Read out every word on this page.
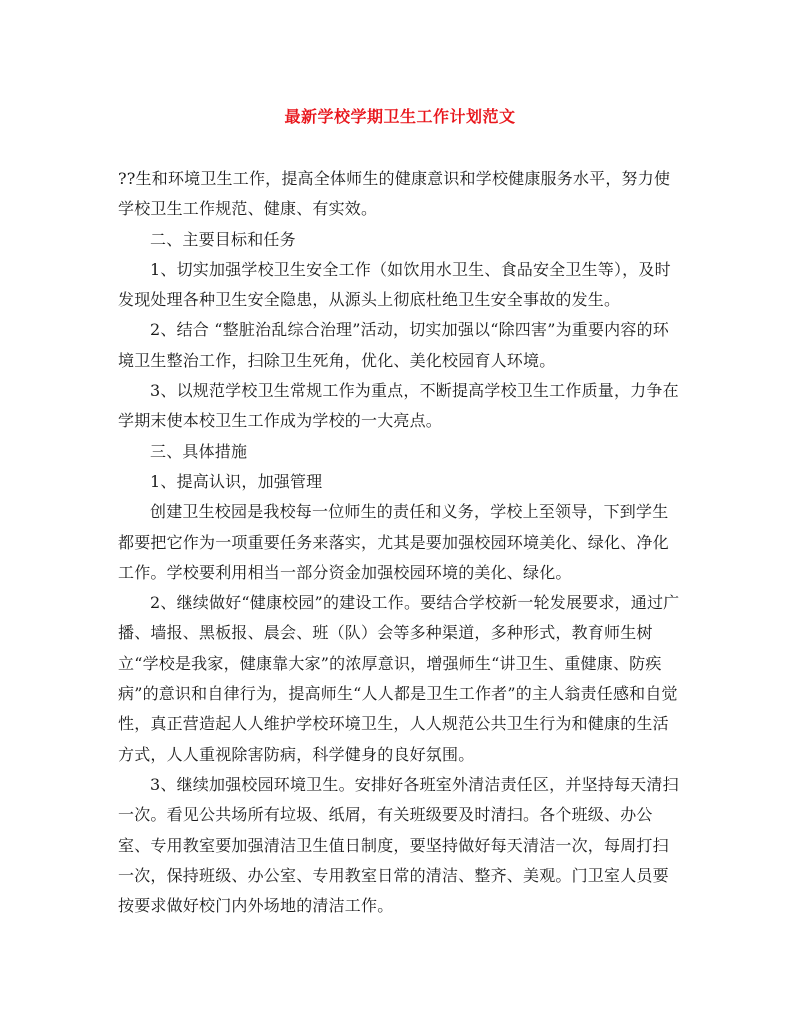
最新学校学期卫生工作计划范文

??生和环境卫生工作，提高全体师生的健康意识和学校健康服务水平，努力使学校卫生工作规范、健康、有实效。

二、主要目标和任务

1、切实加强学校卫生安全工作（如饮用水卫生、食品安全卫生等），及时发现处理各种卫生安全隐患，从源头上彻底杜绝卫生安全事故的发生。

2、结合 “整脏治乱综合治理”活动，切实加强以“除四害”为重要内容的环境卫生整治工作，扫除卫生死角，优化、美化校园育人环境。

3、以规范学校卫生常规工作为重点，不断提高学校卫生工作质量，力争在学期末使本校卫生工作成为学校的一大亮点。

三、具体措施

1、提高认识，加强管理

创建卫生校园是我校每一位师生的责任和义务，学校上至领导，下到学生都要把它作为一项重要任务来落实，尤其是要加强校园环境美化、绿化、净化工作。学校要利用相当一部分资金加强校园环境的美化、绿化。

2、继续做好“健康校园”的建设工作。要结合学校新一轮发展要求，通过广播、墙报、黑板报、晨会、班（队）会等多种渠道，多种形式，教育师生树立“学校是我家，健康靠大家”的浓厚意识，增强师生“讲卫生、重健康、防疾病”的意识和自律行为，提高师生“人人都是卫生工作者”的主人翁责任感和自觉性，真正营造起人人维护学校环境卫生，人人规范公共卫生行为和健康的生活方式，人人重视除害防病，科学健身的良好氛围。

3、继续加强校园环境卫生。安排好各班室外清洁责任区，并坚持每天清扫一次。看见公共场所有垃圾、纸屑，有关班级要及时清扫。各个班级、办公室、专用教室要加强清洁卫生值日制度，要坚持做好每天清洁一次，每周打扫一次，保持班级、办公室、专用教室日常的清洁、整齐、美观。门卫室人员要按要求做好校门内外场地的清洁工作。
